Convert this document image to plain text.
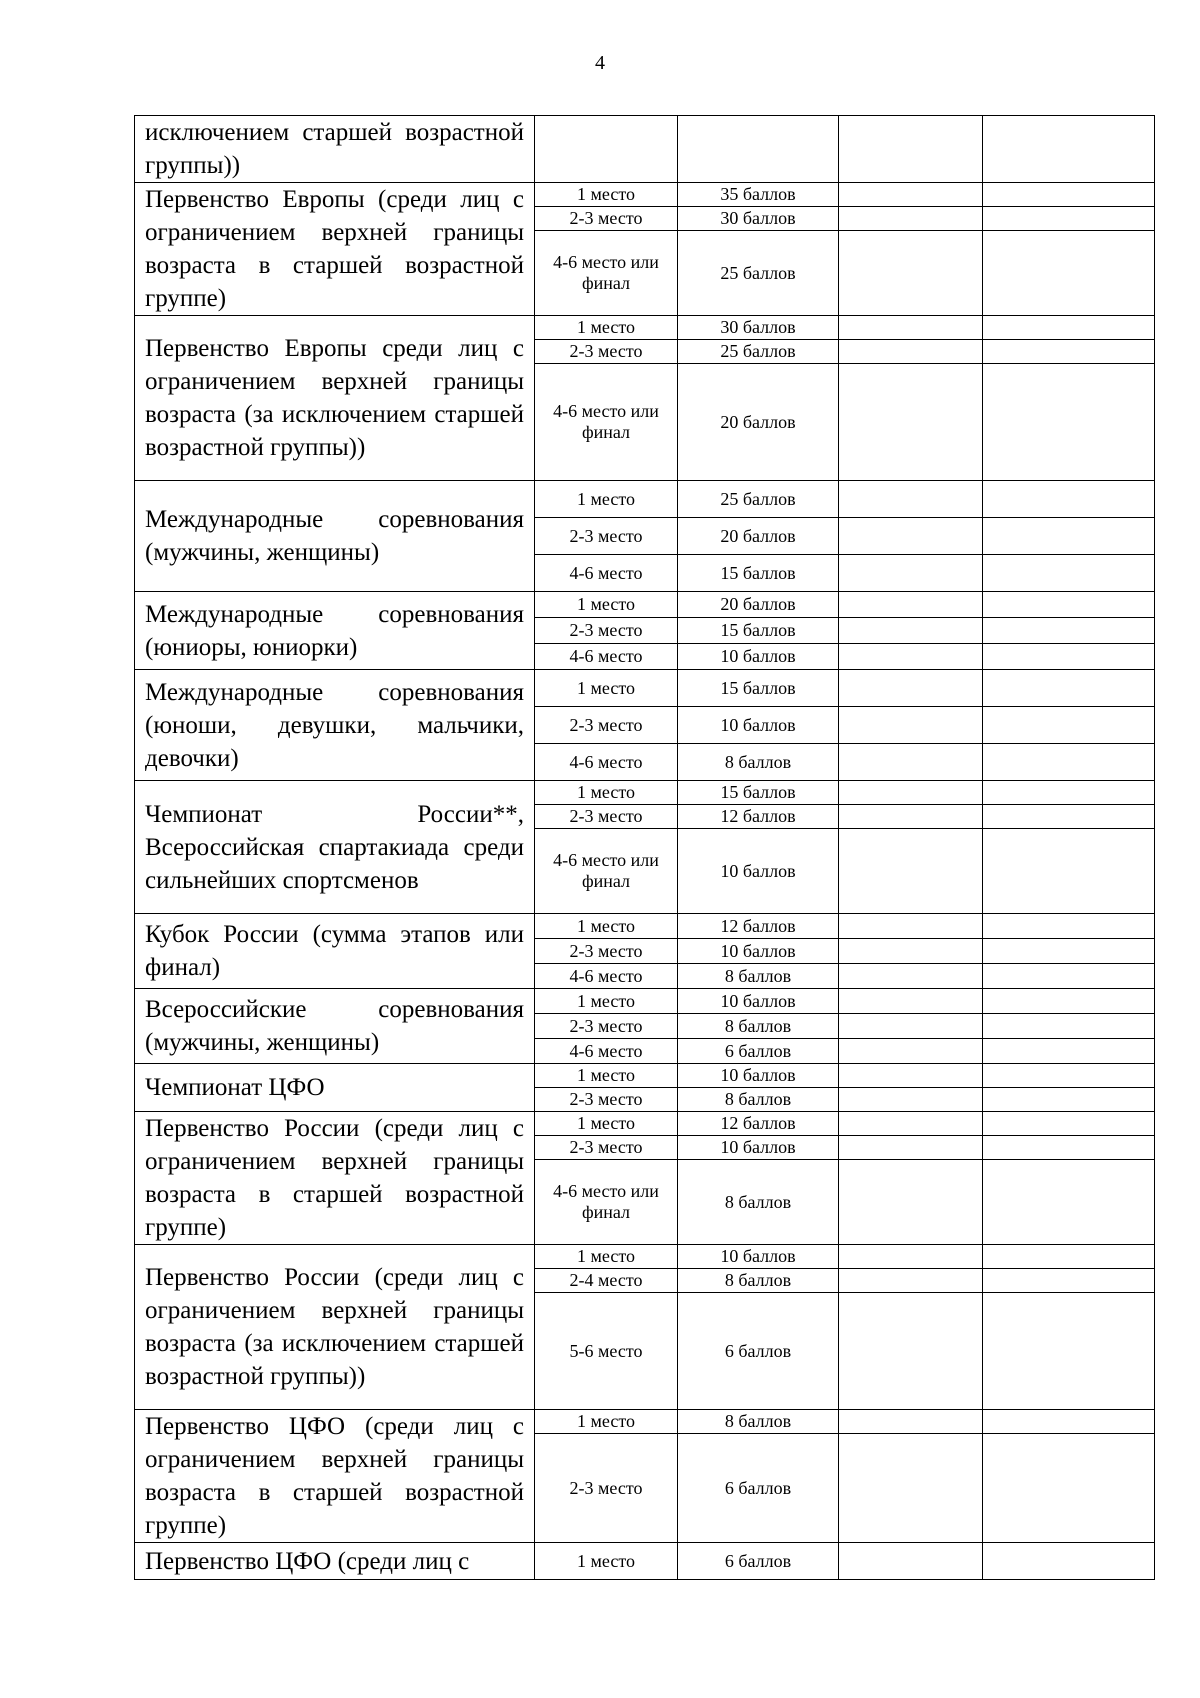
4
исключением старшей возрастной группы))				
Первенство Европы (среди лиц с ограничением верхней границы возраста в старшей возрастной группе)	1 место	35 баллов		
	2-3 место	30 баллов		
	4-6 место или финал	25 баллов		
Первенство Европы среди лиц с ограничением верхней границы возраста (за исключением старшей возрастной группы))	1 место	30 баллов		
	2-3 место	25 баллов		
	4-6 место или финал	20 баллов		
Международные соревнования (мужчины, женщины)	1 место	25 баллов		
	2-3 место	20 баллов		
	4-6 место	15 баллов		
Международные соревнования (юниоры, юниорки)	1 место	20 баллов		
	2-3 место	15 баллов		
	4-6 место	10 баллов		
Международные соревнования (юноши, девушки, мальчики, девочки)	1 место	15 баллов		
	2-3 место	10 баллов		
	4-6 место	8 баллов		
Чемпионат России**, Всероссийская спартакиада среди сильнейших спортсменов	1 место	15 баллов		
	2-3 место	12 баллов		
	4-6 место или финал	10 баллов		
Кубок России (сумма этапов или финал)	1 место	12 баллов		
	2-3 место	10 баллов		
	4-6 место	8 баллов		
Всероссийские соревнования (мужчины, женщины)	1 место	10 баллов		
	2-3 место	8 баллов		
	4-6 место	6 баллов		
Чемпионат ЦФО	1 место	10 баллов		
	2-3 место	8 баллов		
Первенство России (среди лиц с ограничением верхней границы возраста в старшей возрастной группе)	1 место	12 баллов		
	2-3 место	10 баллов		
	4-6 место или финал	8 баллов		
Первенство России (среди лиц с ограничением верхней границы возраста (за исключением старшей возрастной группы))	1 место	10 баллов		
	2-4 место	8 баллов		
	5-6 место	6 баллов		
Первенство ЦФО (среди лиц с ограничением верхней границы возраста в старшей возрастной группе)	1 место	8 баллов		
	2-3 место	6 баллов		
Первенство ЦФО (среди лиц с	1 место	6 баллов		
